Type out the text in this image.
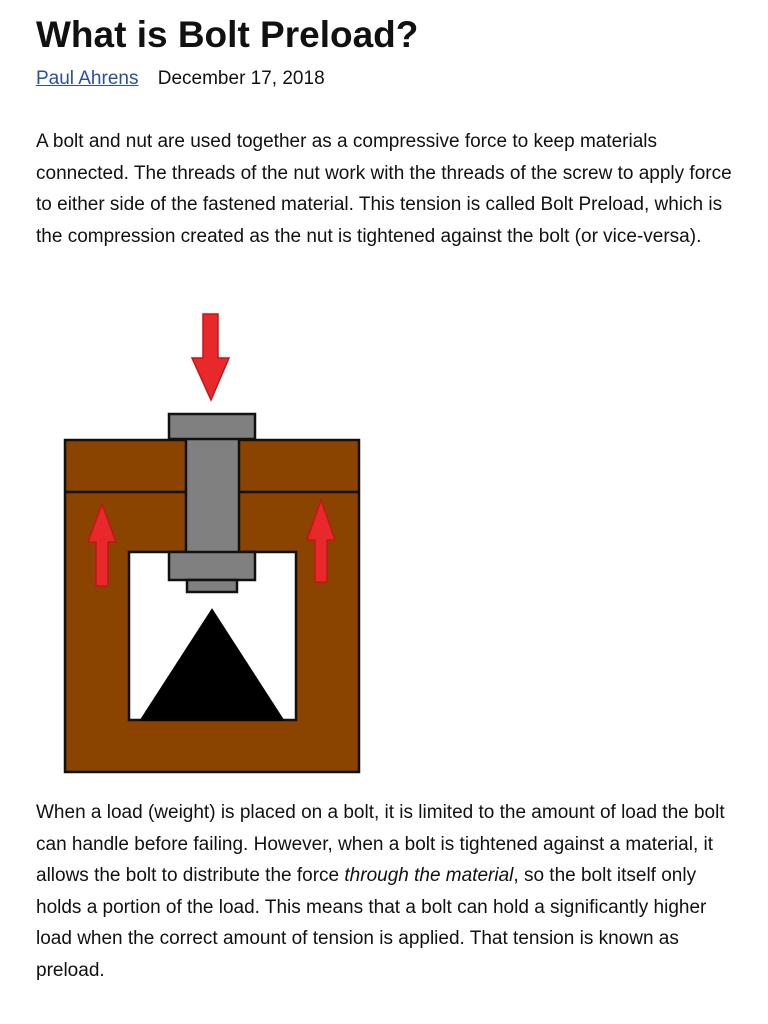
What is Bolt Preload?
Paul Ahrens December 17, 2018

A bolt and nut are used together as a compressive force to keep materials connected. The threads of the nut work with the threads of the screw to apply force to either side of the fastened material. This tension is called Bolt Preload, which is the compression created as the nut is tightened against the bolt (or vice-versa).

When a load (weight) is placed on a bolt, it is limited to the amount of load the bolt can handle before failing. However, when a bolt is tightened against a material, it allows the bolt to distribute the force through the material, so the bolt itself only holds a portion of the load. This means that a bolt can hold a significantly higher load when the correct amount of tension is applied. That tension is known as preload.
